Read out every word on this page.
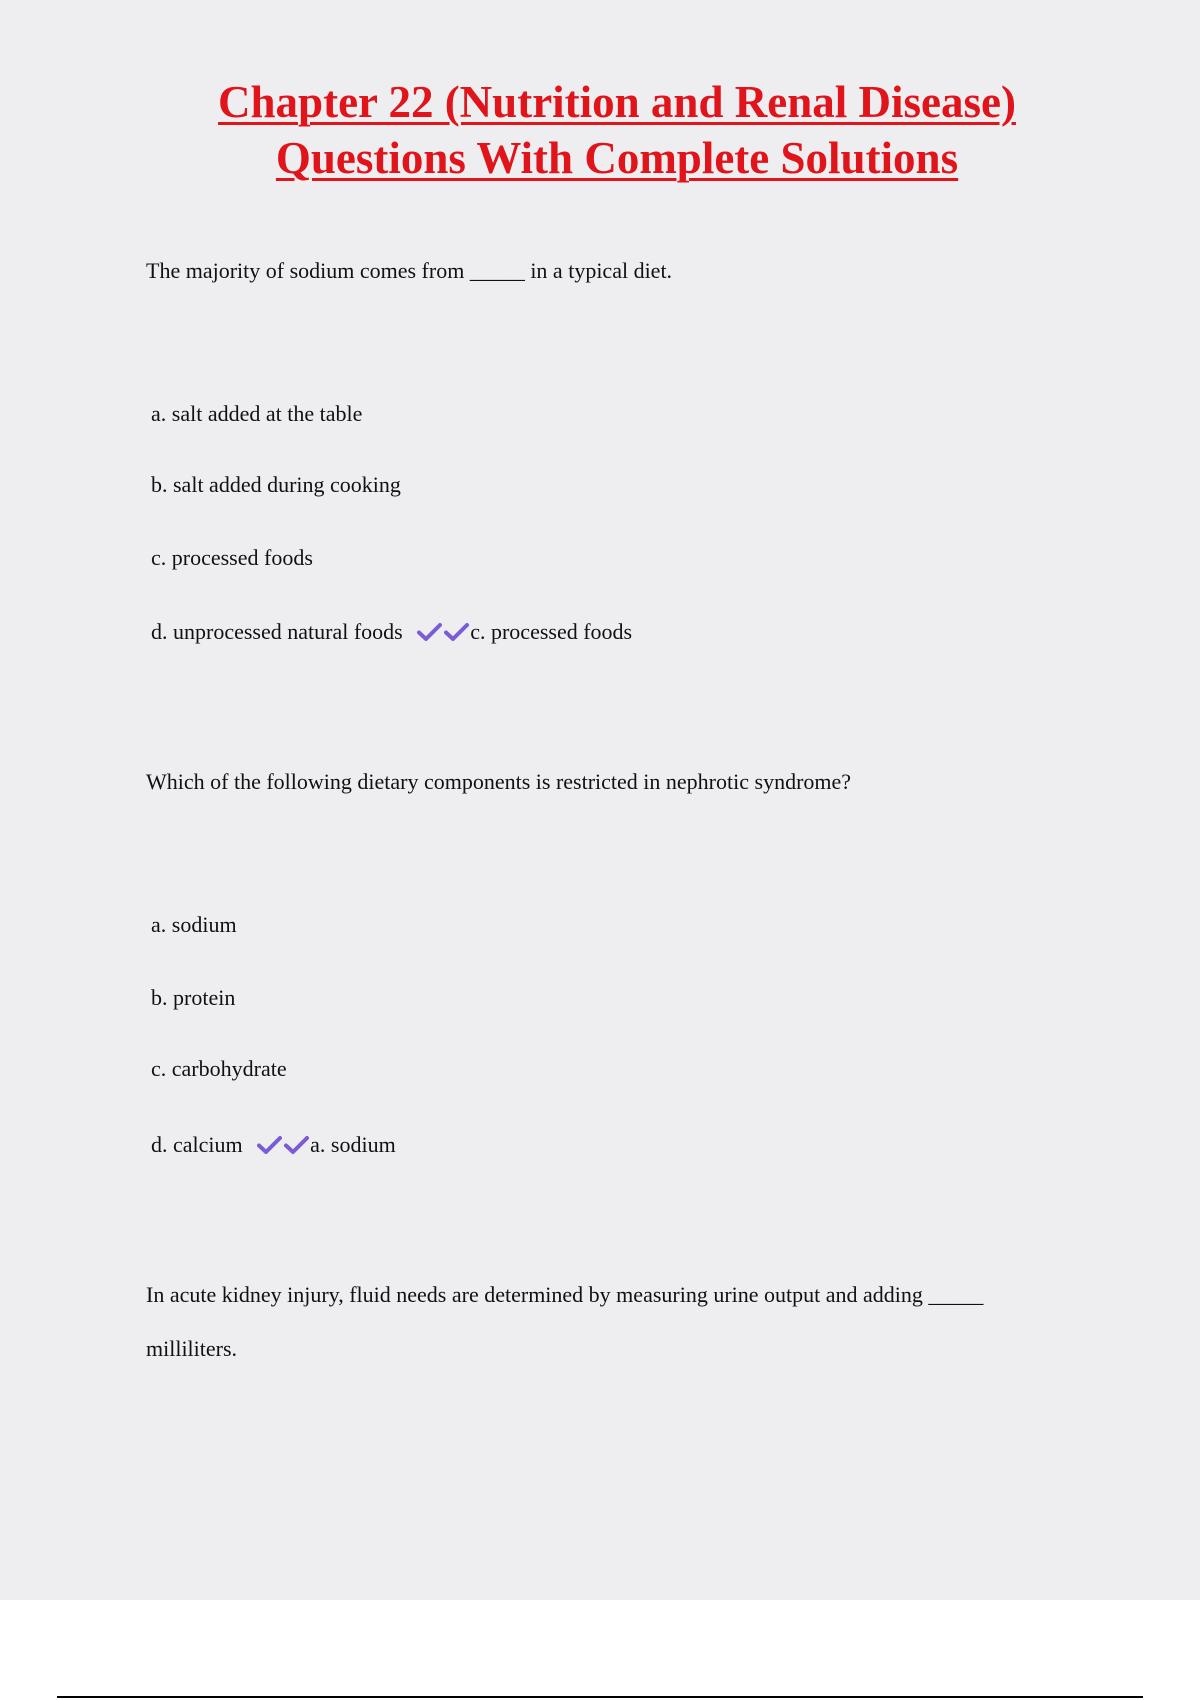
Chapter 22 (Nutrition and Renal Disease)
Questions With Complete Solutions

The majority of sodium comes from _____ in a typical diet.

a. salt added at the table

b. salt added during cooking

c. processed foods

d. unprocessed natural foods	c. processed foods

Which of the following dietary components is restricted in nephrotic syndrome?

a. sodium

b. protein

c. carbohydrate

d. calcium	a. sodium

In acute kidney injury, fluid needs are determined by measuring urine output and adding _____

milliliters.
